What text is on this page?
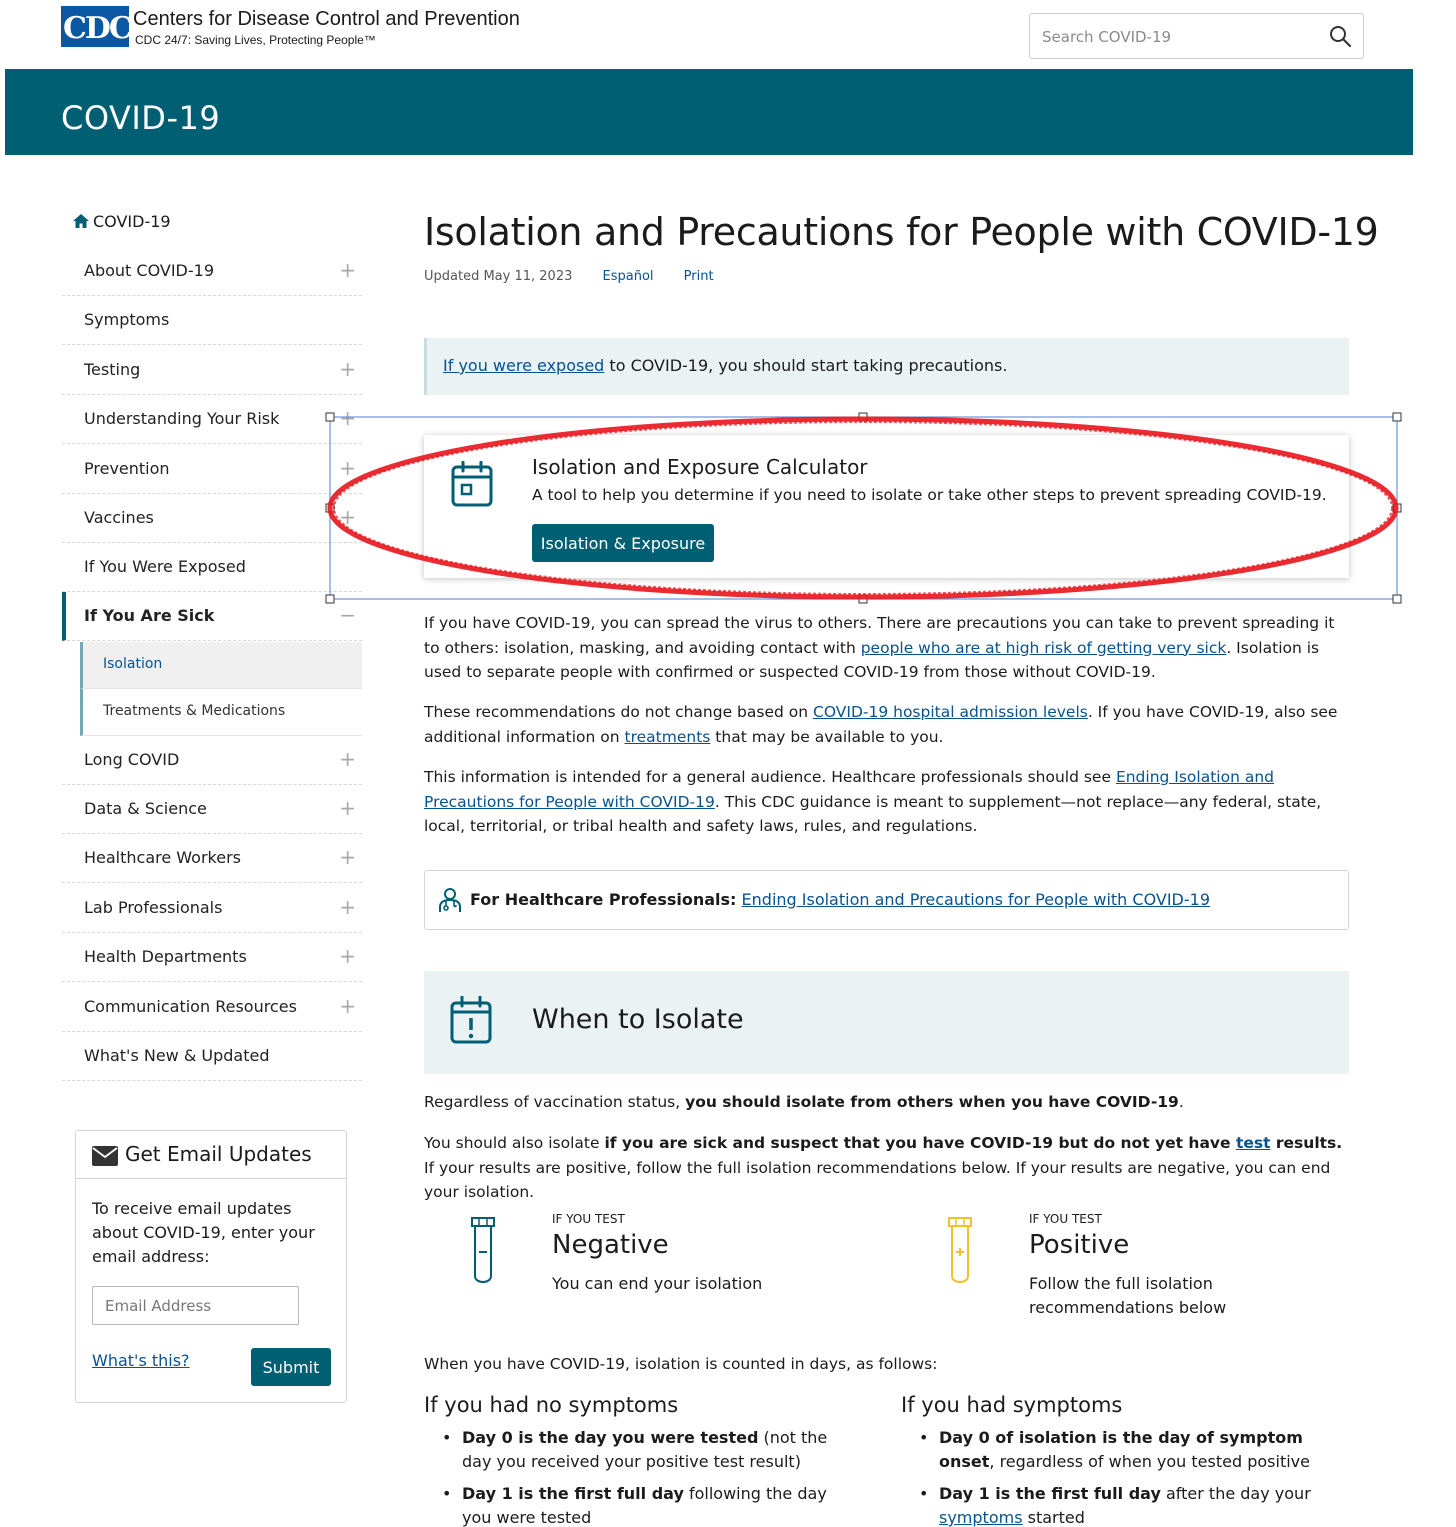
CDC Centers for Disease Control and Prevention
CDC 24/7: Saving Lives, Protecting People™
Search COVID-19
COVID-19
COVID-19
About COVID-19	+
Symptoms
Testing	+
Understanding Your Risk	+
Prevention	+
Vaccines	+
If You Were Exposed
If You Are Sick	−
Isolation
Treatments & Medications
Long COVID	+
Data & Science	+
Healthcare Workers	+
Lab Professionals	+
Health Departments	+
Communication Resources +
What's New & Updated
Get Email Updates
To receive email updates about COVID-19, enter your email address:
Email Address
What's this?	Submit
Isolation and Precautions for People with COVID-19
Updated May 11, 2023 Español Print

If you were exposed to COVID-19, you should start taking precautions.

Isolation and Exposure Calculator
A tool to help you determine if you need to isolate or take other steps to prevent spreading COVID-19.
Isolation & Exposure

If you have COVID-19, you can spread the virus to others. There are precautions you can take to prevent spreading it to others: isolation, masking, and avoiding contact with people who are at high risk of getting very sick. Isolation is used to separate people with confirmed or suspected COVID-19 from those without COVID-19.

These recommendations do not change based on COVID-19 hospital admission levels. If you have COVID-19, also see additional information on treatments that may be available to you.

This information is intended for a general audience. Healthcare professionals should see Ending Isolation and Precautions for People with COVID-19. This CDC guidance is meant to supplement—not replace—any federal, state, local, territorial, or tribal health and safety laws, rules, and regulations.

For Healthcare Professionals: Ending Isolation and Precautions for People with COVID-19
When to Isolate

Regardless of vaccination status, you should isolate from others when you have COVID-19.

You should also isolate if you are sick and suspect that you have COVID-19 but do not yet have test results. If your results are positive, follow the full isolation recommendations below. If your results are negative, you can end your isolation.

IF YOU TEST
Negative
You can end your isolation
IF YOU TEST
Positive
Follow the full isolation recommendations below

When you have COVID-19, isolation is counted in days, as follows:

If you had no symptoms
• Day 0 is the day you were tested (not the day you received your positive test result)
• Day 1 is the first full day following the day you were tested
If you had symptoms
• Day 0 of isolation is the day of symptom onset, regardless of when you tested positive
• Day 1 is the first full day after the day your symptoms started
